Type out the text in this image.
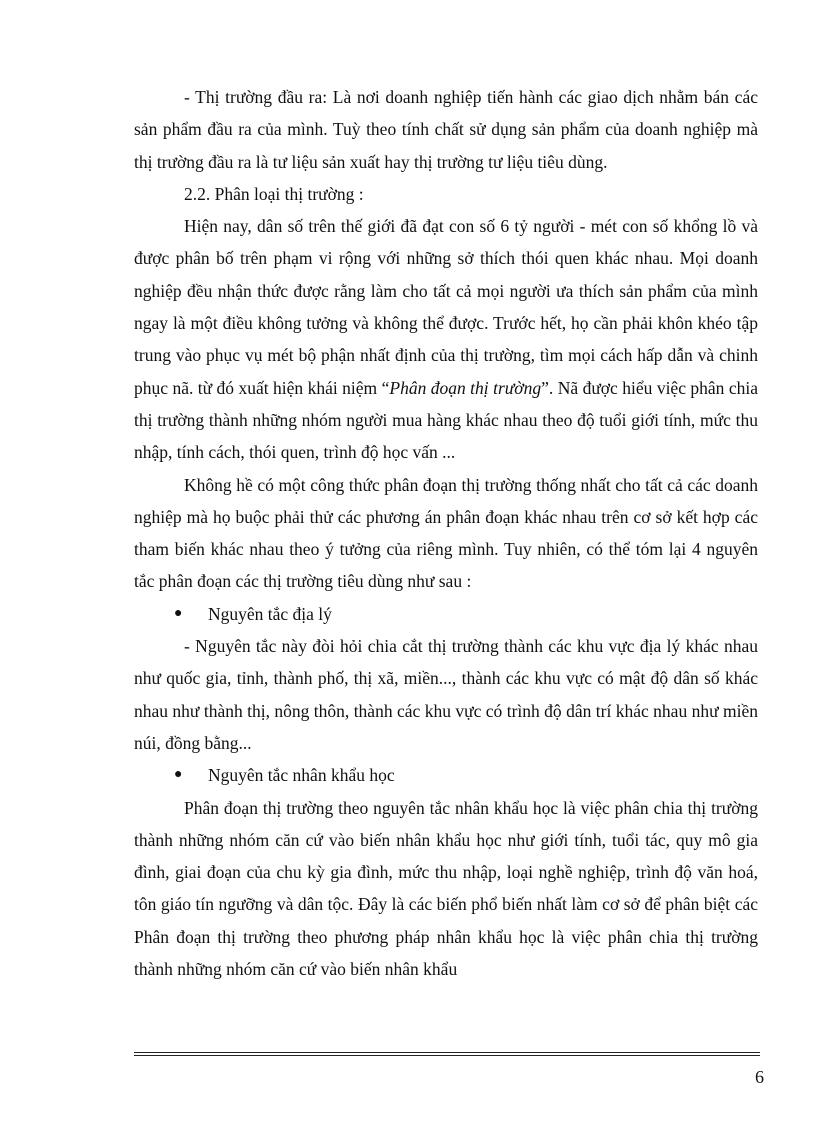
- Thị trường đầu ra: Là nơi doanh nghiệp tiến hành các giao dịch nhằm bán các sản phẩm đầu ra của mình. Tuỳ theo tính chất sử dụng sản phẩm của doanh nghiệp mà thị trường đầu ra là tư liệu sản xuất hay thị trường tư liệu tiêu dùng.

2.2. Phân loại thị trường :

Hiện nay, dân số trên thế giới đã đạt con số 6 tỷ người - mét con số khổng lồ và được phân bố trên phạm vi rộng với những sở thích thói quen khác nhau. Mọi doanh nghiệp đều nhận thức được rằng làm cho tất cả mọi người ưa thích sản phẩm của mình ngay là một điều không tưởng và không thể được. Trước hết, họ cần phải khôn khéo tập trung vào phục vụ mét bộ phận nhất định của thị trường, tìm mọi cách hấp dẫn và chinh phục nã. từ đó xuất hiện khái niệm “Phân đoạn thị trường”. Nã được hiểu việc phân chia thị trường thành những nhóm người mua hàng khác nhau theo độ tuổi giới tính, mức thu nhập, tính cách, thói quen, trình độ học vấn ...

Không hề có một công thức phân đoạn thị trường thống nhất cho tất cả các doanh nghiệp mà họ buộc phải thử các phương án phân đoạn khác nhau trên cơ sở kết hợp các tham biến khác nhau theo ý tưởng của riêng mình. Tuy nhiên, có thể tóm lại 4 nguyên tắc phân đoạn các thị trường tiêu dùng như sau :

●	Nguyên tắc địa lý

- Nguyên tắc này đòi hỏi chia cắt thị trường thành các khu vực địa lý khác nhau như quốc gia, tỉnh, thành phố, thị xã, miền..., thành các khu vực có mật độ dân số khác nhau như thành thị, nông thôn, thành các khu vực có trình độ dân trí khác nhau như miền núi, đồng bằng...

●	Nguyên tắc nhân khẩu học

Phân đoạn thị trường theo nguyên tắc nhân khẩu học là việc phân chia thị trường thành những nhóm căn cứ vào biến nhân khẩu học như giới tính, tuổi tác, quy mô gia đình, giai đoạn của chu kỳ gia đình, mức thu nhập, loại nghề nghiệp, trình độ văn hoá, tôn giáo tín ngưỡng và dân tộc. Đây là các biến phổ biến nhất làm cơ sở để phân biệt các Phân đoạn thị trường theo phương pháp nhân khẩu học là việc phân chia thị trường thành những nhóm căn cứ vào biến nhân khẩu

6
